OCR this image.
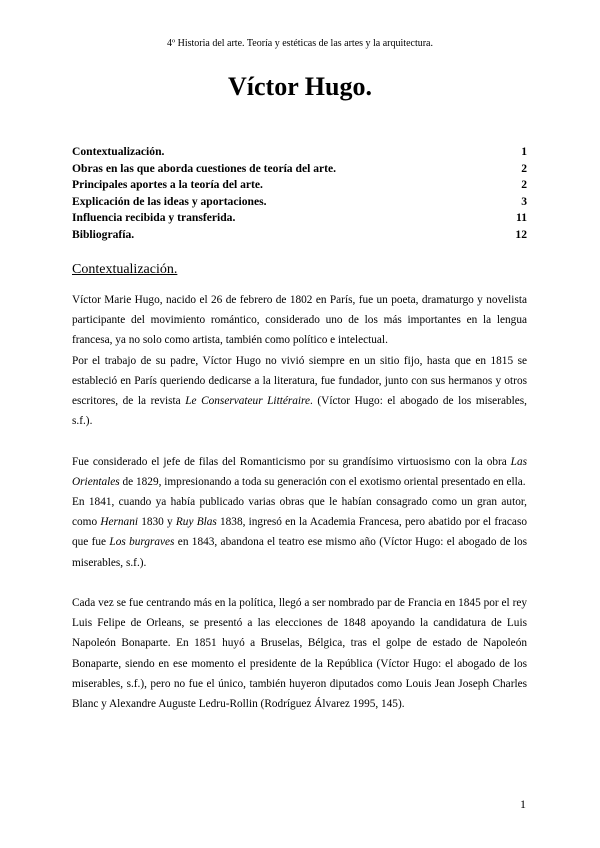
4º Historia del arte. Teoría y estéticas de las artes y la arquitectura.
Víctor Hugo.
Contextualización.	1
Obras en las que aborda cuestiones de teoría del arte.	2
Principales aportes a la teoría del arte.	2
Explicación de las ideas y aportaciones.	3
Influencia recibida y transferida.	11
Bibliografía.	12
Contextualización.

Víctor Marie Hugo, nacido el 26 de febrero de 1802 en París, fue un poeta, dramaturgo y novelista participante del movimiento romántico, considerado uno de los más importantes en la lengua francesa, ya no solo como artista, también como político e intelectual.

Por el trabajo de su padre, Víctor Hugo no vivió siempre en un sitio fijo, hasta que en 1815 se estableció en París queriendo dedicarse a la literatura, fue fundador, junto con sus hermanos y otros escritores, de la revista Le Conservateur Littéraire. (Víctor Hugo: el abogado de los miserables, s.f.).

Fue considerado el jefe de filas del Romanticismo por su grandísimo virtuosismo con la obra Las Orientales de 1829, impresionando a toda su generación con el exotismo oriental presentado en ella.

En 1841, cuando ya había publicado varias obras que le habían consagrado como un gran autor, como Hernani 1830 y Ruy Blas 1838, ingresó en la Academia Francesa, pero abatido por el fracaso que fue Los burgraves en 1843, abandona el teatro ese mismo año (Víctor Hugo: el abogado de los miserables, s.f.).

Cada vez se fue centrando más en la política, llegó a ser nombrado par de Francia en 1845 por el rey Luis Felipe de Orleans, se presentó a las elecciones de 1848 apoyando la candidatura de Luis Napoleón Bonaparte. En 1851 huyó a Bruselas, Bélgica, tras el golpe de estado de Napoleón Bonaparte, siendo en ese momento el presidente de la República (Víctor Hugo: el abogado de los miserables, s.f.), pero no fue el único, también huyeron diputados como Louis Jean Joseph Charles Blanc y Alexandre Auguste Ledru-Rollin (Rodríguez Álvarez 1995, 145).

1
